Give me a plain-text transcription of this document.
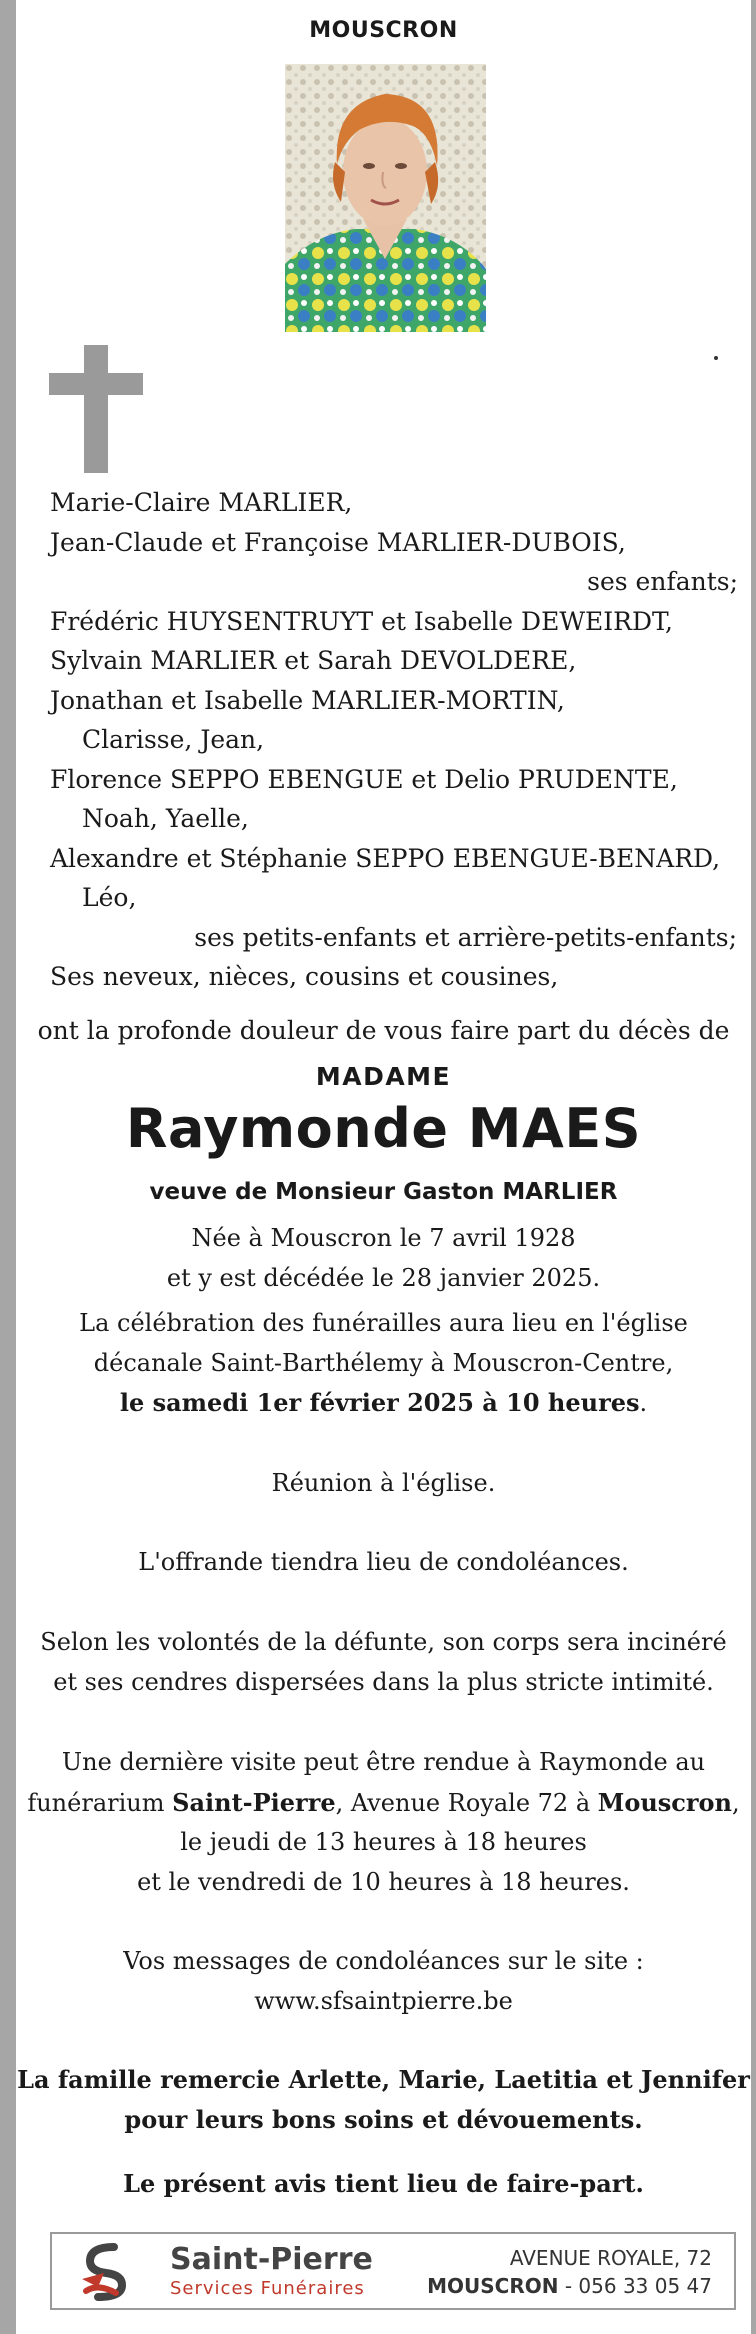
MOUSCRON
Marie-Claire MARLIER,
Jean-Claude et Françoise MARLIER-DUBOIS,
ses enfants;
Frédéric HUYSENTRUYT et Isabelle DEWEIRDT,
Sylvain MARLIER et Sarah DEVOLDERE,
Jonathan et Isabelle MARLIER-MORTIN,
Clarisse, Jean,
Florence SEPPO EBENGUE et Delio PRUDENTE,
Noah, Yaelle,
Alexandre et Stéphanie SEPPO EBENGUE-BENARD,
Léo,
ses petits-enfants et arrière-petits-enfants;
Ses neveux, nièces, cousins et cousines,
ont la profonde douleur de vous faire part du décès de
MADAME
Raymonde MAES
veuve de Monsieur Gaston MARLIER
Née à Mouscron le 7 avril 1928
et y est décédée le 28 janvier 2025.
La célébration des funérailles aura lieu en l'église
décanale Saint-Barthélemy à Mouscron-Centre,
le samedi 1er février 2025 à 10 heures.
Réunion à l'église.
L'offrande tiendra lieu de condoléances.
Selon les volontés de la défunte, son corps sera incinéré
et ses cendres dispersées dans la plus stricte intimité.
Une dernière visite peut être rendue à Raymonde au
funérarium Saint-Pierre, Avenue Royale 72 à Mouscron,
le jeudi de 13 heures à 18 heures
et le vendredi de 10 heures à 18 heures.
Vos messages de condoléances sur le site :
www.sfsaintpierre.be
La famille remercie Arlette, Marie, Laetitia et Jennifer
pour leurs bons soins et dévouements.
Le présent avis tient lieu de faire-part.
Saint-Pierre
Services Funéraires
AVENUE ROYALE, 72
MOUSCRON - 056 33 05 47
